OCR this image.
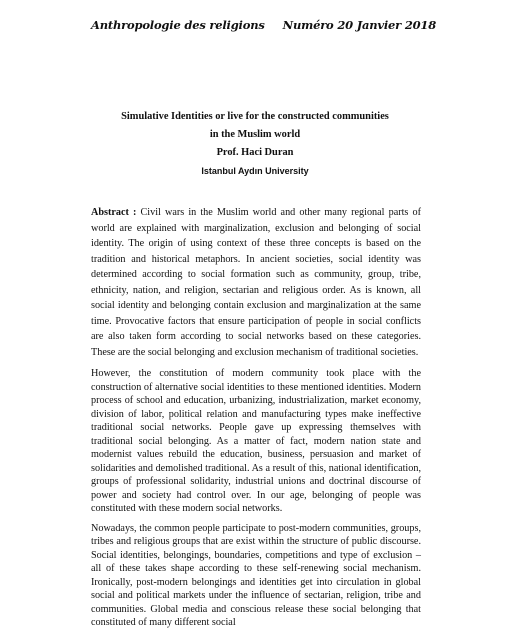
Anthropologie des religions Numéro 20 Janvier 2018
Simulative Identities or live for the constructed communities
in the Muslim world
Prof. Haci Duran
Istanbul Aydın University

Abstract : Civil wars in the Muslim world and other many regional parts of world are explained with marginalization, exclusion and belonging of social identity. The origin of using context of these three concepts is based on the tradition and historical metaphors. In ancient societies, social identity was determined according to social formation such as community, group, tribe, ethnicity, nation, and religion, sectarian and religious order. As is known, all social identity and belonging contain exclusion and marginalization at the same time. Provocative factors that ensure participation of people in social conflicts are also taken form according to social networks based on these categories. These are the social belonging and exclusion mechanism of traditional societies.

However, the constitution of modern community took place with the construction of alternative social identities to these mentioned identities. Modern process of school and education, urbanizing, industrialization, market economy, division of labor, political relation and manufacturing types make ineffective traditional social networks. People gave up expressing themselves with traditional social belonging. As a matter of fact, modern nation state and modernist values rebuild the education, business, persuasion and market of solidarities and demolished traditional. As a result of this, national identification, groups of professional solidarity, industrial unions and doctrinal discourse of power and society had control over. In our age, belonging of people was constituted with these modern social networks.

Nowadays, the common people participate to post-modern communities, groups, tribes and religious groups that are exist within the structure of public discourse. Social identities, belongings, boundaries, competitions and type of exclusion – all of these takes shape according to these self-renewing social mechanism. Ironically, post-modern belongings and identities get into circulation in global social and political markets under the influence of sectarian, religion, tribe and communities. Global media and conscious release these social belonging that constituted of many different social
